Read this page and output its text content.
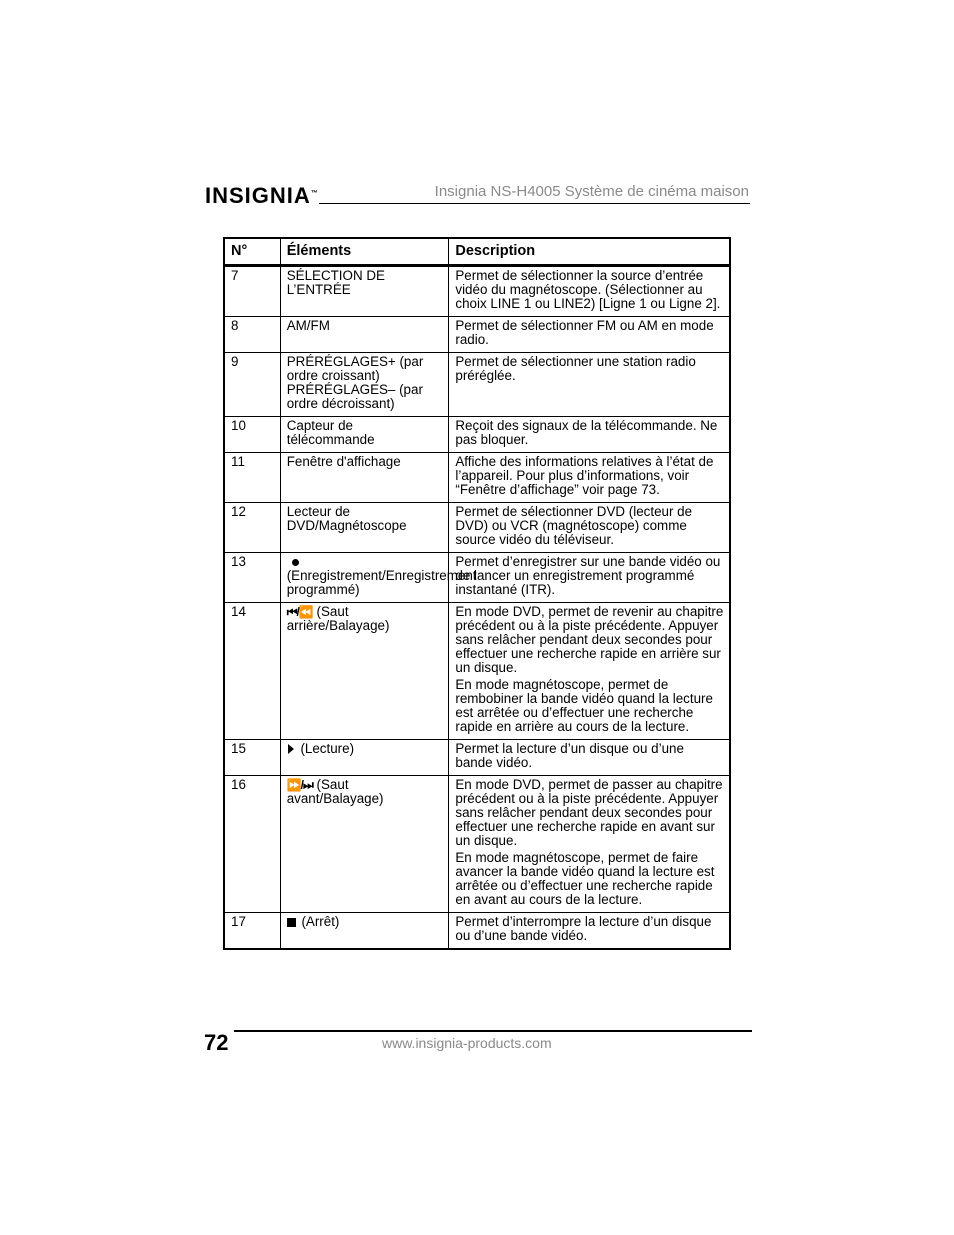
INSIGNIA™	Insignia NS-H4005 Système de cinéma maison
N°	Éléments	Description
7	SÉLECTION DE L’ENTRÉE	Permet de sélectionner la source d’entrée vidéo du magnétoscope. (Sélectionner au choix LINE 1 ou LINE2) [Ligne 1 ou Ligne 2].

8	AM/FM	Permet de sélectionner FM ou AM en mode radio.

9	PRÉRÉGLAGES+ (par ordre croissant) PRÉRÉGLAGES– (par ordre décroissant)	Permet de sélectionner une station radio préréglée.

10	Capteur de télécommande	Reçoit des signaux de la télécommande. Ne pas bloquer.

11	Fenêtre d'affichage	Affiche des informations relatives à l’état de l’appareil. Pour plus d’informations, voir “Fenêtre d’affichage” voir page 73.

12	Lecteur de DVD/Magnétoscope	Permet de sélectionner DVD (lecteur de DVD) ou VCR (magnétoscope) comme source vidéo du téléviseur.

13	(Enregistrement/Enregistrement programmé)	Permet d’enregistrer sur une bande vidéo ou de lancer un enregistrement programmé instantané (ITR).

14	⏮/⏪ (Saut arrière/Balayage)	En mode DVD, permet de revenir au chapitre précédent ou à la piste précédente. Appuyer sans relâcher pendant deux secondes pour effectuer une recherche rapide en arrière sur un disque.
En mode magnétoscope, permet de rembobiner la bande vidéo quand la lecture est arrêtée ou d’effectuer une recherche rapide en arrière au cours de la lecture.

15	(Lecture)	Permet la lecture d’un disque ou d’une bande vidéo.

16	⏩/⏭ (Saut avant/Balayage)	En mode DVD, permet de passer au chapitre précédent ou à la piste précédente. Appuyer sans relâcher pendant deux secondes pour effectuer une recherche rapide en avant sur un disque.
En mode magnétoscope, permet de faire avancer la bande vidéo quand la lecture est arrêtée ou d’effectuer une recherche rapide en avant au cours de la lecture.

17	(Arrêt)	Permet d’interrompre la lecture d’un disque ou d’une bande vidéo.
72	www.insignia-products.com
